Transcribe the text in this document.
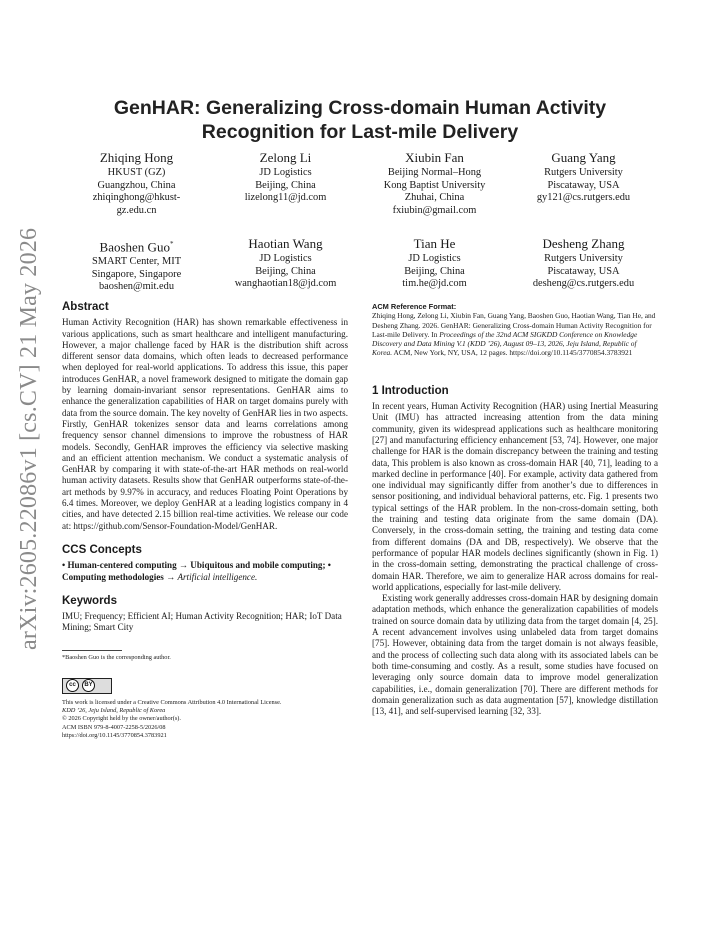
arXiv:2605.22086v1 [cs.CV] 21 May 2026
GenHAR: Generalizing Cross-domain Human Activity
Recognition for Last-mile Delivery
Zhiqing Hong
HKUST (GZ)
Guangzhou, China
zhiqinghong@hkust-
gz.edu.cn
Zelong Li
JD Logistics
Beijing, China
lizelong11@jd.com
Xiubin Fan
Beijing Normal–Hong
Kong Baptist University
Zhuhai, China
fxiubin@gmail.com
Guang Yang
Rutgers University
Piscataway, USA
gy121@cs.rutgers.edu
Baoshen Guo*
SMART Center, MIT
Singapore, Singapore
baoshen@mit.edu
Haotian Wang
JD Logistics
Beijing, China
wanghaotian18@jd.com
Tian He
JD Logistics
Beijing, China
tim.he@jd.com
Desheng Zhang
Rutgers University
Piscataway, USA
desheng@cs.rutgers.edu
Abstract

Human Activity Recognition (HAR) has shown remarkable effectiveness in various applications, such as smart healthcare and intelligent manufacturing. However, a major challenge faced by HAR is the distribution shift across different sensor data domains, which often leads to decreased performance when deployed for real-world applications. To address this issue, this paper introduces GenHAR, a novel framework designed to mitigate the domain gap by learning domain-invariant sensor representations. GenHAR aims to enhance the generalization capabilities of HAR on target domains purely with data from the source domain. The key novelty of GenHAR lies in two aspects. Firstly, GenHAR tokenizes sensor data and learns correlations among frequency sensor channel dimensions to improve the robustness of HAR models. Secondly, GenHAR improves the efficiency via selective masking and an efficient attention mechanism. We conduct a systematic analysis of GenHAR by comparing it with state-of-the-art HAR methods on real-world human activity datasets. Results show that GenHAR outperforms state-of-the-art methods by 9.97% in accuracy, and reduces Floating Point Operations by 6.4 times. Moreover, we deploy GenHAR at a leading logistics company in 4 cities, and have detected 2.15 billion real-time activities. We release our code at: https://github.com/Sensor-Foundation-Model/GenHAR.

CCS Concepts

• Human-centered computing → Ubiquitous and mobile computing; • Computing methodologies → Artificial intelligence.

Keywords

IMU; Frequency; Efficient AI; Human Activity Recognition; HAR; IoT Data Mining; Smart City

*Baoshen Guo is the corresponding author.
cc	BY
This work is licensed under a Creative Commons Attribution 4.0 International License.
KDD ’26, Jeju Island, Republic of Korea
© 2026 Copyright held by the owner/author(s).
ACM ISBN 979-8-4007-2258-5/2026/08
https://doi.org/10.1145/3770854.3783921
ACM Reference Format:

Zhiqing Hong, Zelong Li, Xiubin Fan, Guang Yang, Baoshen Guo, Haotian Wang, Tian He, and Desheng Zhang. 2026. GenHAR: Generalizing Cross-domain Human Activity Recognition for Last-mile Delivery. In Proceedings of the 32nd ACM SIGKDD Conference on Knowledge Discovery and Data Mining V.1 (KDD ’26), August 09–13, 2026, Jeju Island, Republic of Korea. ACM, New York, NY, USA, 12 pages. https://doi.org/10.1145/3770854.3783921

1 Introduction

In recent years, Human Activity Recognition (HAR) using Inertial Measuring Unit (IMU) has attracted increasing attention from the data mining community, given its widespread applications such as healthcare monitoring [27] and manufacturing efficiency enhancement [53, 74]. However, one major challenge for HAR is the domain discrepancy between the training and testing data, This problem is also known as cross-domain HAR [40, 71], leading to a marked decline in performance [40]. For example, activity data gathered from one individual may significantly differ from another’s due to differences in sensor positioning, and individual behavioral patterns, etc. Fig. 1 presents two typical settings of the HAR problem. In the non-cross-domain setting, both the training and testing data originate from the same domain (DA). Conversely, in the cross-domain setting, the training and testing data come from different domains (DA and DB, respectively). We observe that the performance of popular HAR models declines significantly (shown in Fig. 1) in the cross-domain setting, demonstrating the practical challenge of cross-domain HAR. Therefore, we aim to generalize HAR across domains for real-world applications, especially for last-mile delivery.

Existing work generally addresses cross-domain HAR by designing domain adaptation methods, which enhance the generalization capabilities of models trained on source domain data by utilizing data from the target domain [4, 25]. A recent advancement involves using unlabeled data from target domains [75]. However, obtaining data from the target domain is not always feasible, and the process of collecting such data along with its associated labels can be both time-consuming and costly. As a result, some studies have focused on leveraging only source domain data to improve model generalization capabilities, i.e., domain generalization [70]. There are different methods for domain generalization such as data augmentation [57], knowledge distillation [13, 41], and self-supervised learning [32, 33].
